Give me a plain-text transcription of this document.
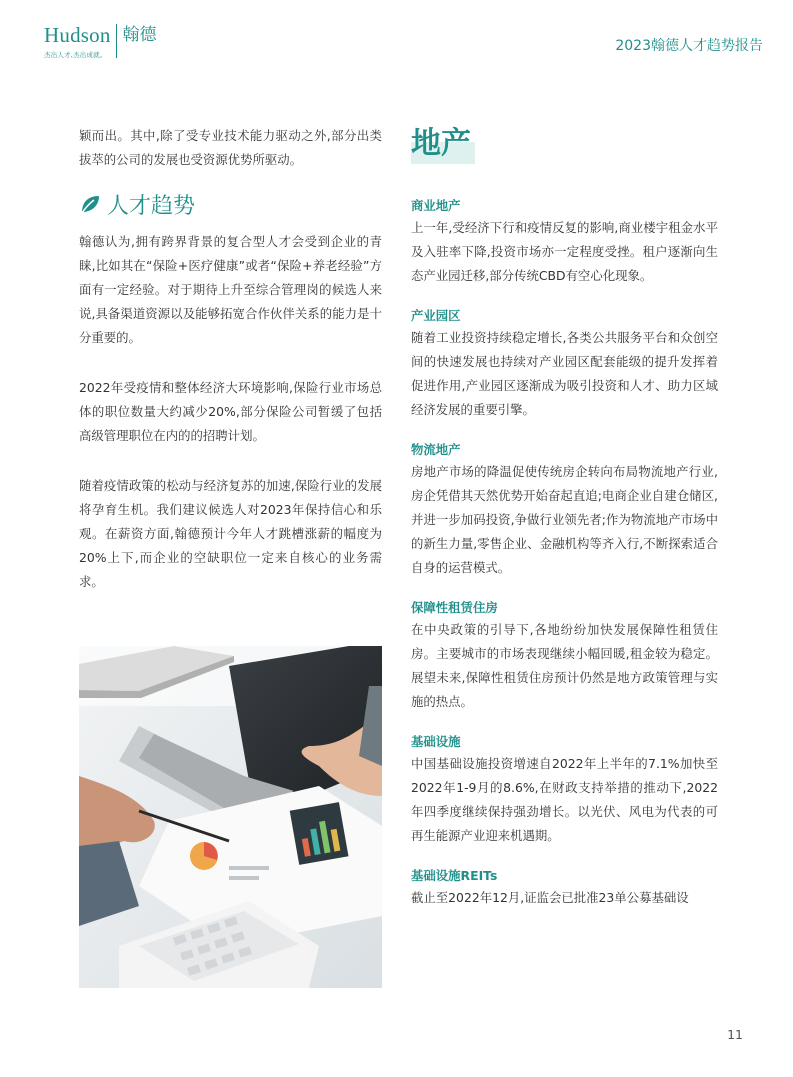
Hudson 翰德
杰出人才,杰出成就。
2023翰德人才趋势报告

颖而出。其中,除了受专业技术能力驱动之外,部分出类拔萃的公司的发展也受资源优势所驱动。

人才趋势

翰德认为,拥有跨界背景的复合型人才会受到企业的青睐,比如其在“保险+医疗健康”或者“保险+养老经验”方面有一定经验。对于期待上升至综合管理岗的候选人来说,具备渠道资源以及能够拓宽合作伙伴关系的能力是十分重要的。

2022年受疫情和整体经济大环境影响,保险行业市场总体的职位数量大约减少20%,部分保险公司暂缓了包括高级管理职位在内的的招聘计划。

随着疫情政策的松动与经济复苏的加速,保险行业的发展将孕育生机。我们建议候选人对2023年保持信心和乐观。在薪资方面,翰德预计今年人才跳槽涨薪的幅度为20%上下,而企业的空缺职位一定来自核心的业务需求。

地产
商业地产

上一年,受经济下行和疫情反复的影响,商业楼宇租金水平及入驻率下降,投资市场亦一定程度受挫。租户逐渐向生态产业园迁移,部分传统CBD有空心化现象。

产业园区

随着工业投资持续稳定增长,各类公共服务平台和众创空间的快速发展也持续对产业园区配套能级的提升发挥着促进作用,产业园区逐渐成为吸引投资和人才、助力区域经济发展的重要引擎。

物流地产

房地产市场的降温促使传统房企转向布局物流地产行业,房企凭借其天然优势开始奋起直追;电商企业自建仓储区,并进一步加码投资,争做行业领先者;作为物流地产市场中的新生力量,零售企业、金融机构等齐入行,不断探索适合自身的运营模式。

保障性租赁住房

在中央政策的引导下,各地纷纷加快发展保障性租赁住房。主要城市的市场表现继续小幅回暖,租金较为稳定。展望未来,保障性租赁住房预计仍然是地方政策管理与实施的热点。

基础设施

中国基础设施投资增速自2022年上半年的7.1%加快至2022年1-9月的8.6%,在财政支持举措的推动下,2022年四季度继续保持强劲增长。以光伏、风电为代表的可再生能源产业迎来机遇期。

基础设施REITs

截止至2022年12月,证监会已批准23单公募基础设

11
